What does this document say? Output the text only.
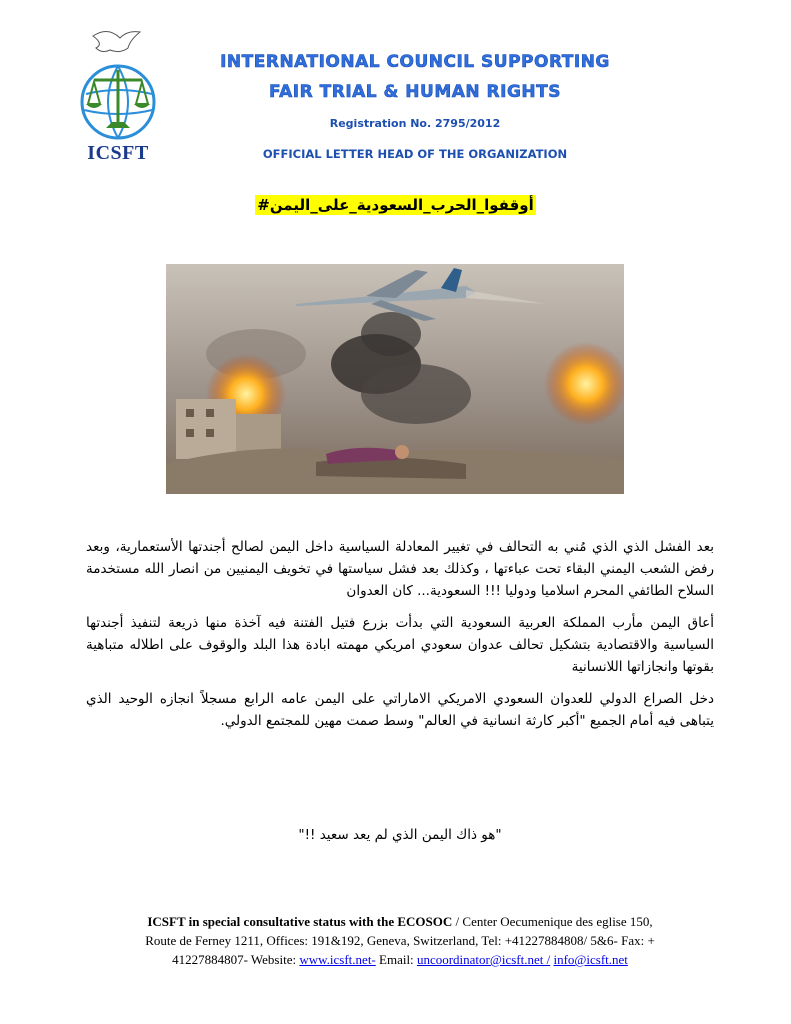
ICSFT
INTERNATIONAL COUNCIL SUPPORTING
FAIR TRIAL & HUMAN RIGHTS
Registration No. 2795/2012
OFFICIAL LETTER HEAD OF THE ORGANIZATION
#أوقفوا_الحرب_السعودية_على_اليمن

بعد الفشل الذي الذي مُني به التحالف في تغيير المعادلة السياسية داخل اليمن لصالح أجندتها الأستعمارية، وبعد رفض الشعب اليمني البقاء تحت عباءتها ، وكذلك بعد فشل سياستها في تخويف اليمنيين من انصار الله مستخدمة السلاح الطائفي المحرم اسلاميا ودوليا !!! السعودية... كان العدوان

أعاق اليمن مأرب المملكة العربية السعودية التي بدأت بزرع فتيل الفتنة فيه آخذة منها ذريعة لتنفيذ أجندتها السياسية والاقتصادية بتشكيل تحالف عدوان سعودي امريكي مهمته ابادة هذا البلد والوقوف على اطلاله متباهية بقوتها وانجازاتها اللانسانية

دخل الصراع الدولي للعدوان السعودي الامريكي الاماراتي على اليمن عامه الرابع مسجلاً انجازه الوحيد الذي يتباهى فيه أمام الجميع "أكبر كارثة انسانية في العالم" وسط صمت مهين للمجتمع الدولي.

"هو ذاك اليمن الذي لم يعد سعيد !!"
ICSFT in special consultative status with the ECOSOC / Center Oecumenique des eglise 150,
Route de Ferney 1211, Offices: 191&192, Geneva, Switzerland, Tel: +41227884808/ 5&6- Fax: +
41227884807- Website: www.icsft.net- Email: uncoordinator@icsft.net / info@icsft.net
